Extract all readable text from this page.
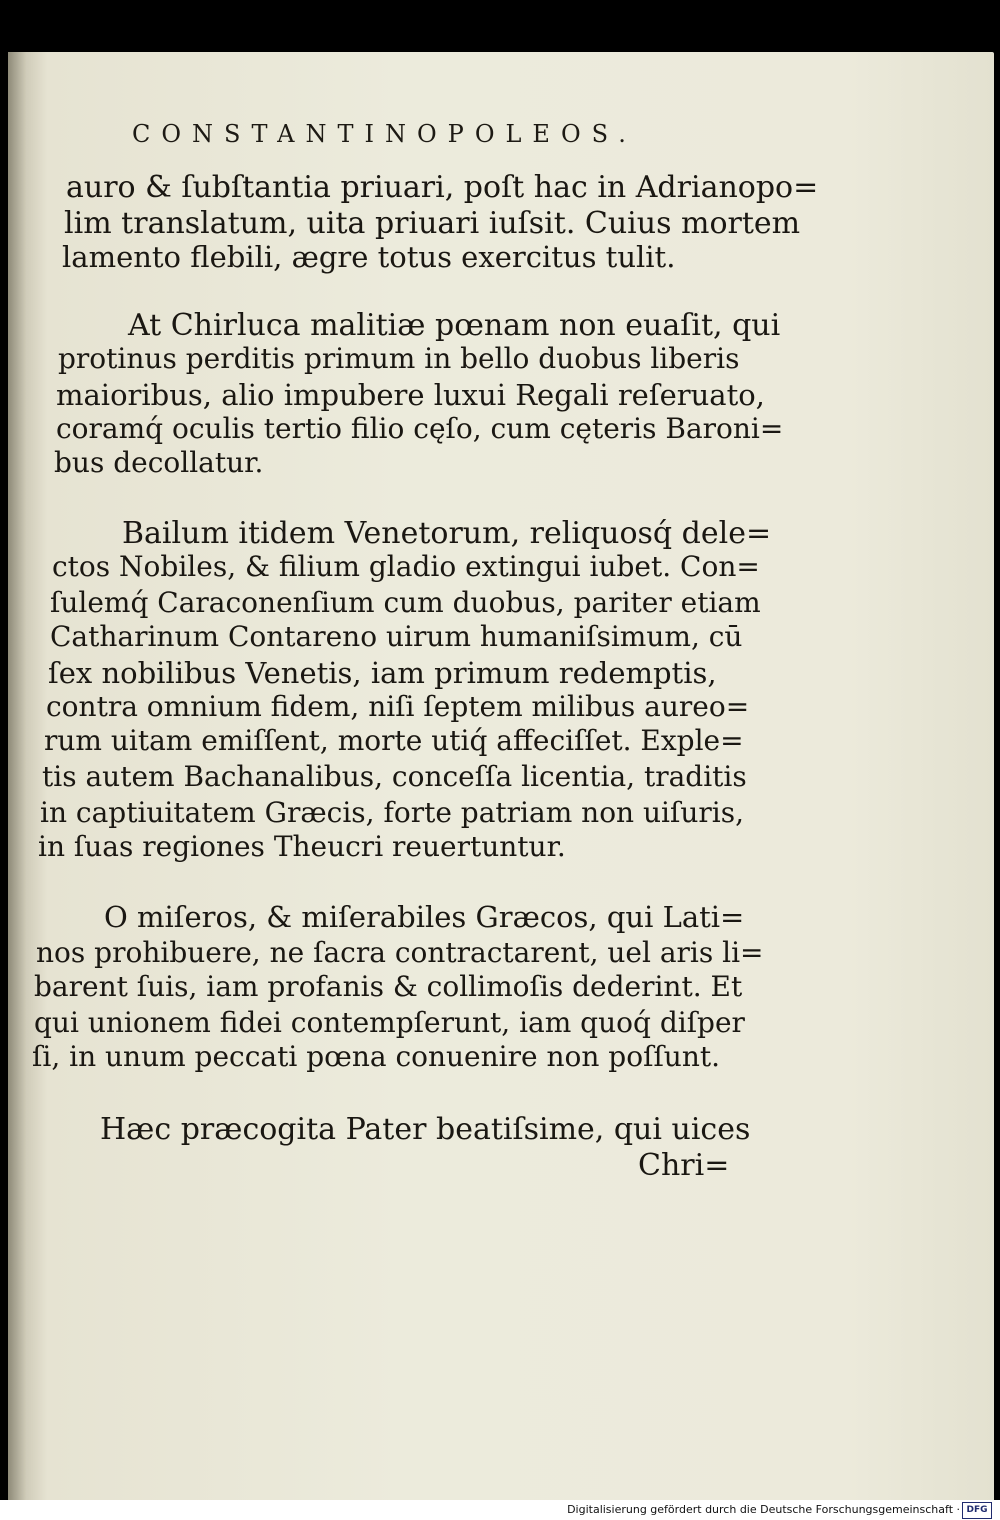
CONSTANTINOPOLEOS.
auro & ſubſtantia priuari, poſt hac in Adrianopo=
lim translatum, uita priuari iuſsit. Cuius mortem
lamento flebili, ægre totus exercitus tulit.
At Chirluca malitiæ pœnam non euaſit, qui
protinus perditis primum in bello duobus liberis
maioribus, alio impubere luxui Regali reſeruato,
coramq́ oculis tertio filio cęſo, cum cęteris Baroni=
bus decollatur.
Bailum itidem Venetorum, reliquosq́ dele=
ctos Nobiles, & filium gladio extingui iubet. Con=
ſulemq́ Caraconenſium cum duobus, pariter etiam
Catharinum Contareno uirum humaniſsimum, cū
ſex nobilibus Venetis, iam primum redemptis,
contra omnium fidem, niſi ſeptem milibus aureo=
rum uitam emiſſent, morte utiq́ affeciſſet. Exple=
tis autem Bachanalibus, conceſſa licentia, traditis
in captiuitatem Græcis, forte patriam non uiſuris,
in ſuas regiones Theucri reuertuntur.
O miſeros, & miſerabiles Græcos, qui Lati=
nos prohibuere, ne ſacra contractarent, uel aris li=
barent ſuis, iam profanis & collimoſis dederint. Et
qui unionem fidei contempſerunt, iam quoq́ diſper
ſi, in unum peccati pœna conuenire non poſſunt.
Hæc præcogita Pater beatiſsime, qui uices
Chri=
Digitalisierung gefördert durch die Deutsche Forschungsgemeinschaft · DFG
